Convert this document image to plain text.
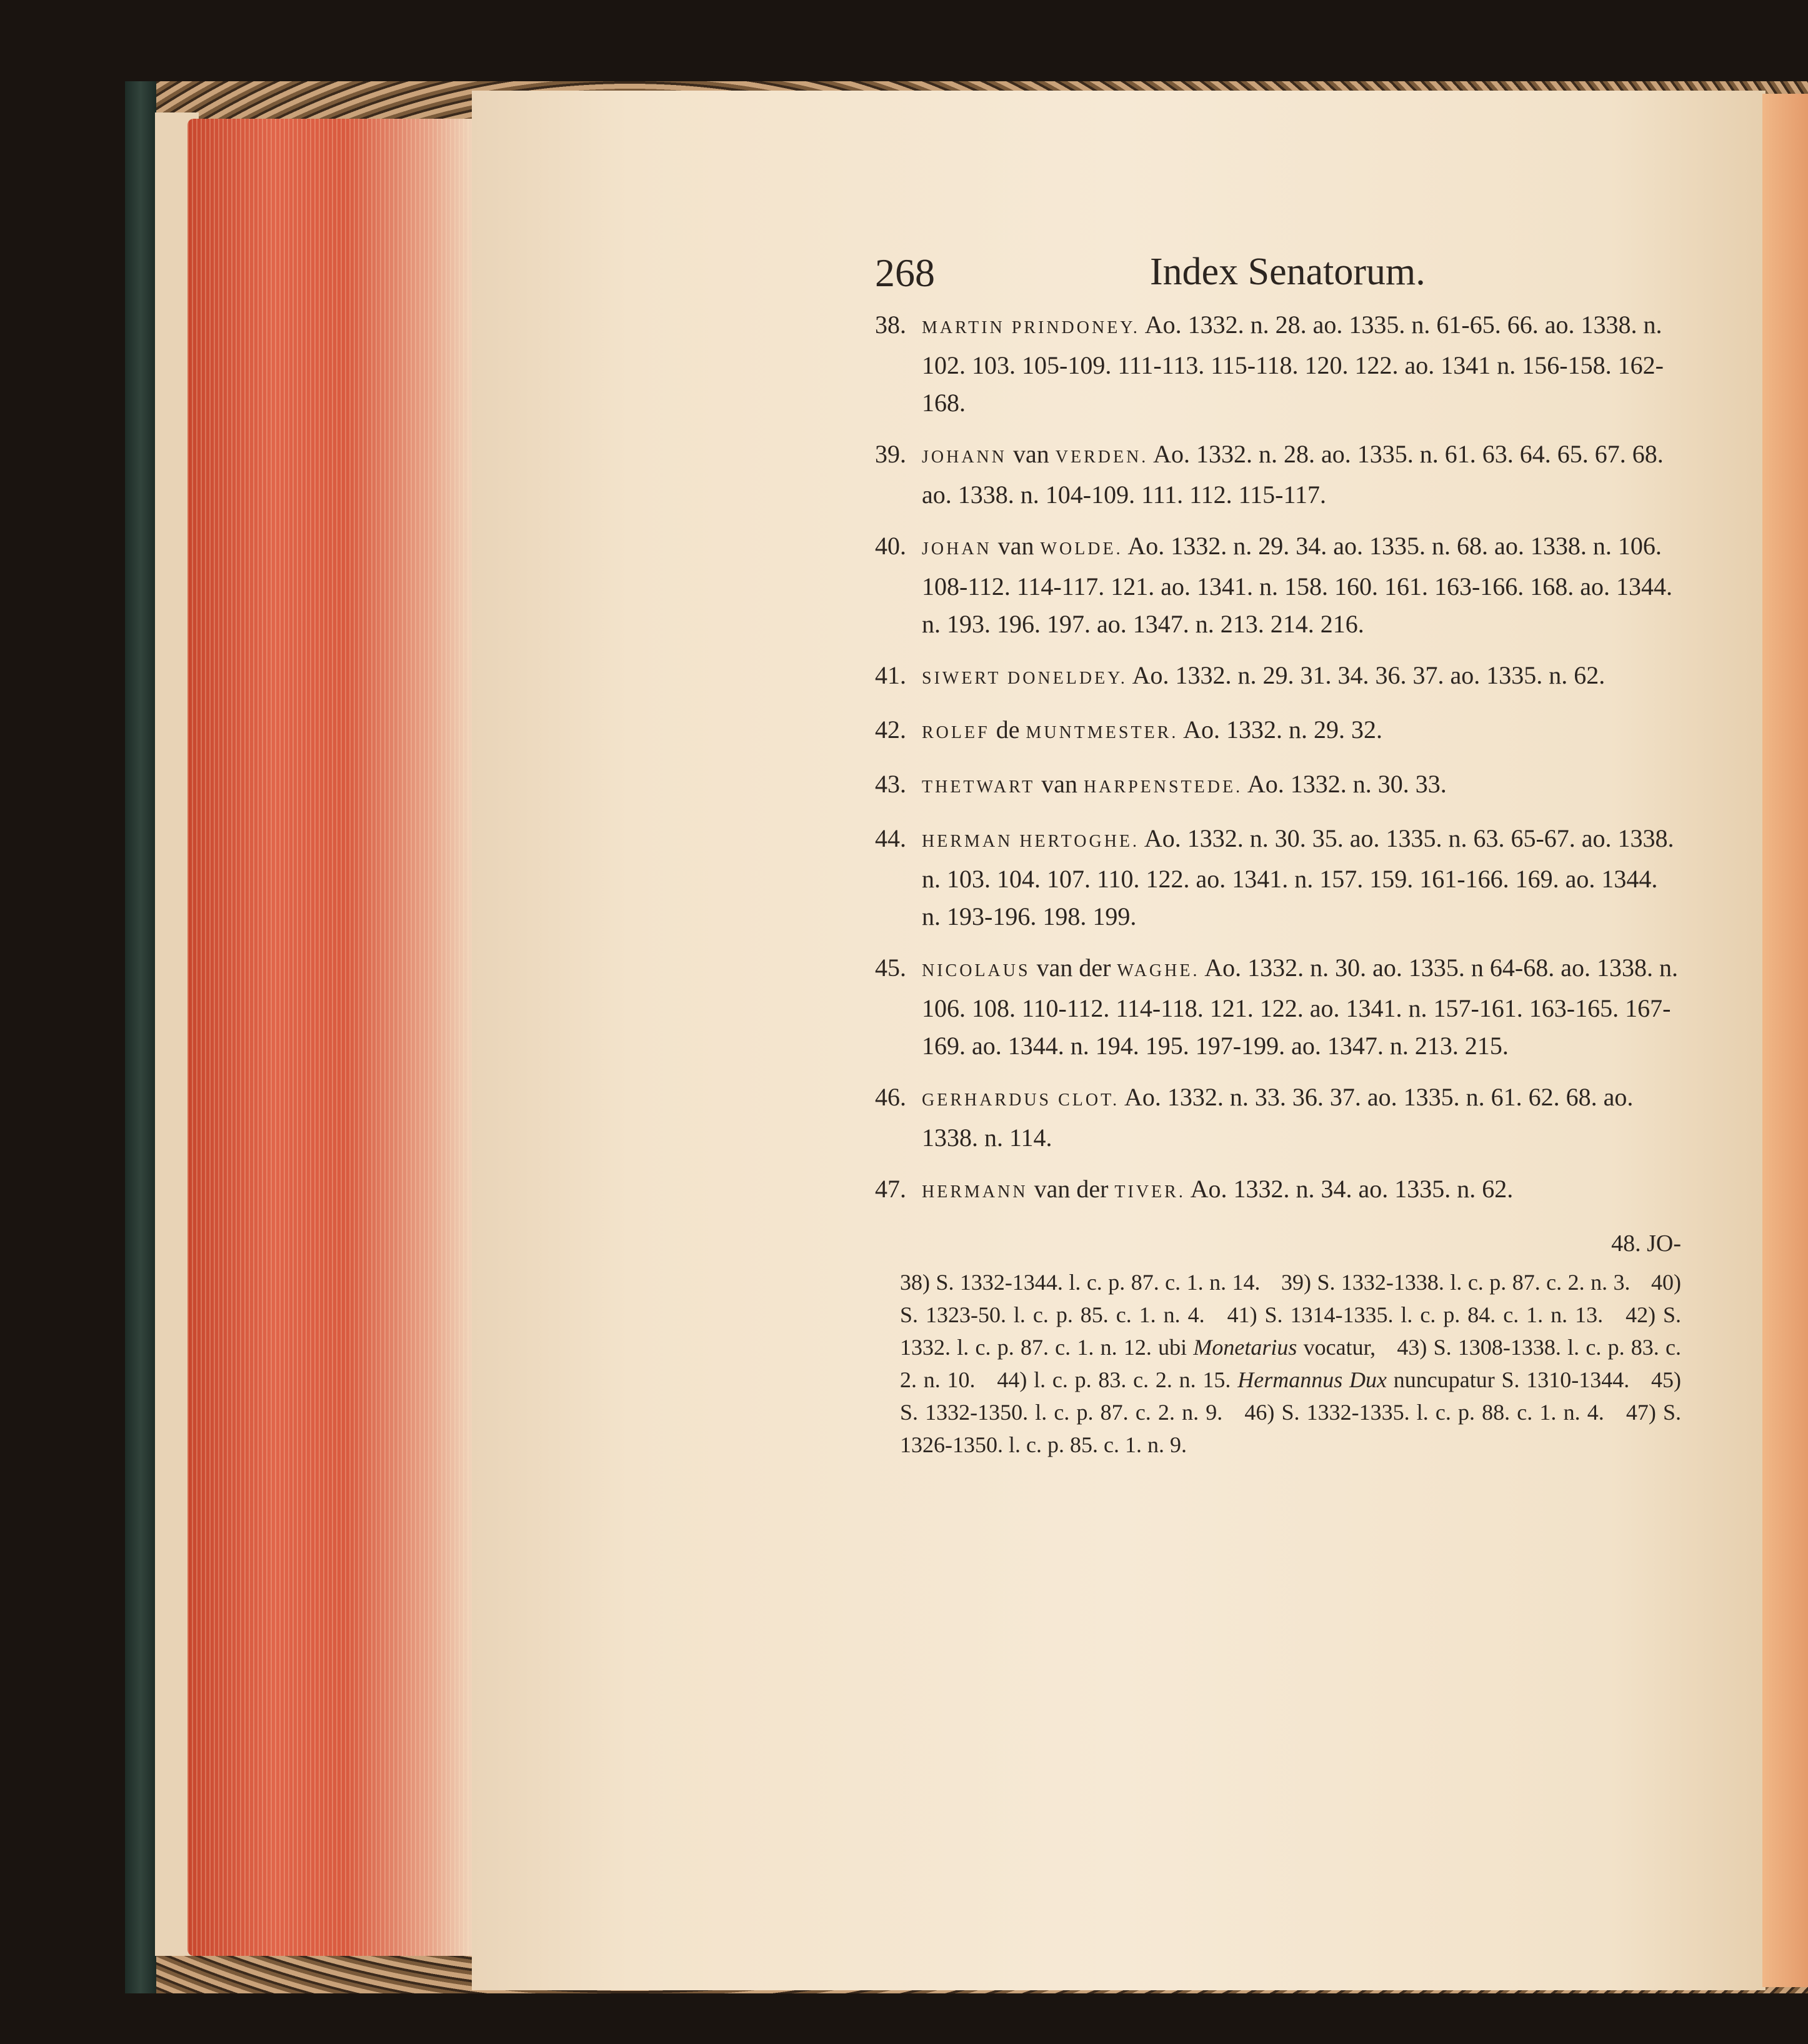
268	Index Senatorum.
38. MARTIN PRINDONEY. Ao. 1332. n. 28. ao. 1335. n. 61-65. 66. ao. 1338. n. 102. 103. 105-109. 111-113. 115-118. 120. 122. ao. 1341 n. 156-158. 162-168.
39. JOHANN van VERDEN. Ao. 1332. n. 28. ao. 1335. n. 61. 63. 64. 65. 67. 68. ao. 1338. n. 104-109. 111. 112. 115-117.
40. JOHAN van WOLDE. Ao. 1332. n. 29. 34. ao. 1335. n. 68. ao. 1338. n. 106. 108-112. 114-117. 121. ao. 1341. n. 158. 160. 161. 163-166. 168. ao. 1344. n. 193. 196. 197. ao. 1347. n. 213. 214. 216.
41. SIWERT DONELDEY. Ao. 1332. n. 29. 31. 34. 36. 37. ao. 1335. n. 62.
42. ROLEF de MUNTMESTER. Ao. 1332. n. 29. 32.
43. THETWART van HARPENSTEDE. Ao. 1332. n. 30. 33.
44. HERMAN HERTOGHE. Ao. 1332. n. 30. 35. ao. 1335. n. 63. 65-67. ao. 1338. n. 103. 104. 107. 110. 122. ao. 1341. n. 157. 159. 161-166. 169. ao. 1344. n. 193-196. 198. 199.
45. NICOLAUS van der WAGHE. Ao. 1332. n. 30. ao. 1335. n 64-68. ao. 1338. n. 106. 108. 110-112. 114-118. 121. 122. ao. 1341. n. 157-161. 163-165. 167-169. ao. 1344. n. 194. 195. 197-199. ao. 1347. n. 213. 215.
46. GERHARDUS CLOT. Ao. 1332. n. 33. 36. 37. ao. 1335. n. 61. 62. 68. ao. 1338. n. 114.
47. HERMANN van der TIVER. Ao. 1332. n. 34. ao. 1335. n. 62.
48. JO-
38) S. 1332-1344. l. c. p. 87. c. 1. n. 14. 39) S. 1332-1338. l. c. p. 87. c. 2. n. 3. 40) S. 1323-50. l. c. p. 85. c. 1. n. 4. 41) S. 1314-1335. l. c. p. 84. c. 1. n. 13. 42) S. 1332. l. c. p. 87. c. 1. n. 12. ubi Monetarius vocatur, 43) S. 1308-1338. l. c. p. 83. c. 2. n. 10. 44) l. c. p. 83. c. 2. n. 15. Hermannus Dux nuncupatur S. 1310-1344. 45) S. 1332-1350. l. c. p. 87. c. 2. n. 9. 46) S. 1332-1335. l. c. p. 88. c. 1. n. 4. 47) S. 1326-1350. l. c. p. 85. c. 1. n. 9.
